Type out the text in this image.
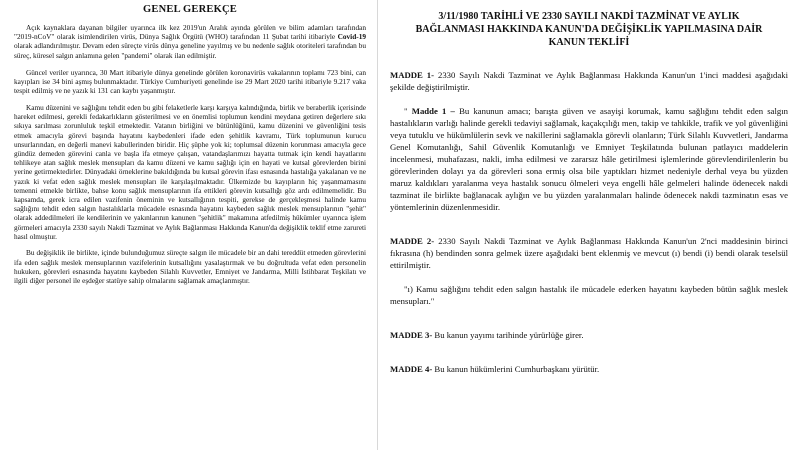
GENEL GEREKÇE

Açık kaynaklara dayanan bilgiler uyarınca ilk kez 2019'un Aralık ayında görülen ve bilim adamları tarafından "2019-nCoV" olarak isimlendirilen virüs, Dünya Sağlık Örgütü (WHO) tarafından 11 Şubat tarihi itibariyle Covid-19 olarak adlandırılmıştır. Devam eden süreçte virüs dünya geneline yayılmış ve bu nedenle sağlık otoriteleri tarafından bu süreç, küresel salgın anlamına gelen "pandemi" olarak ilan edilmiştir.

Güncel veriler uyarınca, 30 Mart itibariyle dünya genelinde görülen koronavirüs vakalarının toplamı 723 bini, can kayıpları ise 34 bini aşmış bulunmaktadır. Türkiye Cumhuriyeti genelinde ise 29 Mart 2020 tarihi itibariyle 9.217 vaka tespit edilmiş ve ne yazık ki 131 can kaybı yaşanmıştır.

Kamu düzenini ve sağlığını tehdit eden bu gibi felaketlerle karşı karşıya kalındığında, birlik ve beraberlik içerisinde hareket edilmesi, gerekli fedakarlıkların gösterilmesi ve en önemlisi toplumun kendini meydana getiren değerlere sıkı sıkıya sarılması zorunluluk teşkil etmektedir. Vatanın birliğini ve bütünlüğünü, kamu düzenini ve güvenliğini tesis etmek amacıyla görevi başında hayatını kaybedenleri ifade eden şehitlik kavramı, Türk toplumunun kurucu unsurlarından, en değerli manevi kabullerinden biridir. Hiç şüphe yok ki; toplumsal düzenin korunması amacıyla gece gündüz demeden görevini canla ve başla ifa etmeye çalışan, vatandaşlarımızı hayatta tutmak için kendi hayatlarını tehlikeye atan sağlık meslek mensupları da kamu düzeni ve kamu sağlığı için en hayati ve kutsal görevlerden birini yerine getirmektedirler. Dünyadaki örneklerine bakıldığında bu kutsal görevin ifası esnasında hastalığa yakalanan ve ne yazık ki vefat eden sağlık meslek mensupları ile karşılaşılmaktadır. Ülkemizde bu kayıpların hiç yaşanmamasını temenni etmekle birlikte, bahse konu sağlık mensuplarının ifa ettikleri görevin kutsallığı göz ardı edilmemelidir. Bu kapsamda, gerek icra edilen vazifenin öneminin ve kutsallığının tespiti, gerekse de gerçekleşmesi halinde kamu sağlığını tehdit eden salgın hastalıklarla mücadele esnasında hayatını kaybeden sağlık meslek mensuplarının "şehit" olarak addedilmeleri ile kendilerinin ve yakınlarının kanunen "şehitlik" makamına atfedilmiş hükümler uyarınca işlem görmeleri amacıyla 2330 sayılı Nakdi Tazminat ve Aylık Bağlanması Hakkında Kanun'da değişiklik teklif etme zarureti hasıl olmuştur.

Bu değişiklik ile birlikte, içinde bulunduğumuz süreçte salgın ile mücadele bir an dahi tereddüt etmeden görevlerini ifa eden sağlık meslek mensuplarının vazifelerinin kutsallığını yasalaştırmak ve bu doğrultuda vefat eden personelin hukuken, görevleri esnasında hayatını kaybeden Silahlı Kuvvetler, Emniyet ve Jandarma, Milli İstihbarat Teşkilatı ve ilgili diğer personel ile eşdeğer statüye sahip olmalarını sağlamak amaçlanmıştır.

3/11/1980 TARİHLİ VE 2330 SAYILI NAKDİ TAZMİNAT VE AYLIK
BAĞLANMASI HAKKINDA KANUN'DA DEĞİŞİKLİK YAPILMASINA DAİR
KANUN TEKLİFİ

MADDE 1- 2330 Sayılı Nakdi Tazminat ve Aylık Bağlanması Hakkında Kanun'un 1'inci maddesi aşağıdaki şekilde değiştirilmiştir.

" Madde 1 – Bu kanunun amacı; barışta güven ve asayişi korumak, kamu sağlığını tehdit eden salgın hastalıkların varlığı halinde gerekli tedaviyi sağlamak, kaçakçılığı men, takip ve tahkikle, trafik ve yol güvenliğini veya tutuklu ve hükümlülerin sevk ve nakillerini sağlamakla görevli olanların; Türk Silahlı Kuvvetleri, Jandarma Genel Komutanlığı, Sahil Güvenlik Komutanlığı ve Emniyet Teşkilatında bulunan patlayıcı maddelerin incelenmesi, muhafazası, nakli, imha edilmesi ve zararsız hâle getirilmesi işlemlerinde görevlendirilenlerin bu görevlerinden dolayı ya da görevleri sona ermiş olsa bile yaptıkları hizmet nedeniyle derhal veya bu yüzden maruz kaldıkları yaralanma veya hastalık sonucu ölmeleri veya engelli hâle gelmeleri halinde ödenecek nakdi tazminat ile birlikte bağlanacak aylığın ve bu yüzden yaralanmaları halinde ödenecek nakdi tazminatın esas ve yöntemlerinin düzenlenmesidir.

MADDE 2- 2330 Sayılı Nakdi Tazminat ve Aylık Bağlanması Hakkında Kanun'un 2'nci maddesinin birinci fıkrasına (h) bendinden sonra gelmek üzere aşağıdaki bent eklenmiş ve mevcut (ı) bendi (i) bendi olarak teselsül ettirilmiştir.

"ı) Kamu sağlığını tehdit eden salgın hastalık ile mücadele ederken hayatını kaybeden bütün sağlık meslek mensupları."

MADDE 3- Bu kanun yayımı tarihinde yürürlüğe girer.

MADDE 4- Bu kanun hükümlerini Cumhurbaşkanı yürütür.
